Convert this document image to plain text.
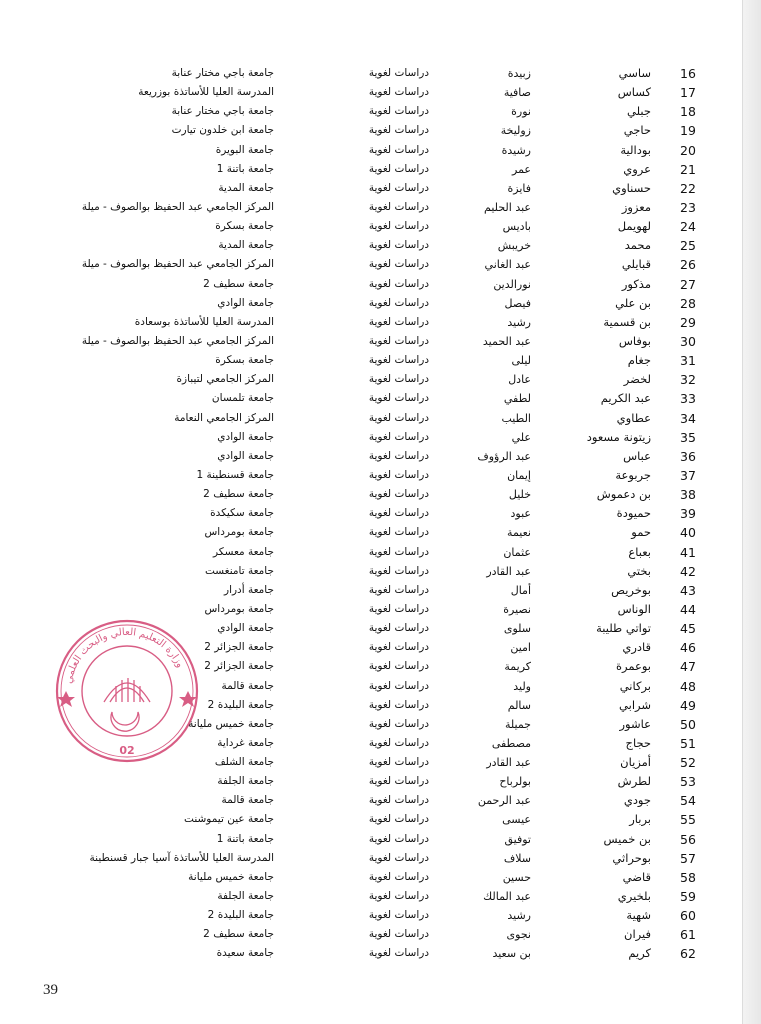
16
ساسي
زبيدة
دراسات لغوية
جامعة باجي مختار عنابة
17
كساس
صافية
دراسات لغوية
المدرسة العليا للأساتذة بوزريعة
18
جبلي
نورة
دراسات لغوية
جامعة باجي مختار عنابة
19
حاجي
زوليخة
دراسات لغوية
جامعة ابن خلدون تيارت
20
بودالية
رشيدة
دراسات لغوية
جامعة البويرة
21
عروي
عمر
دراسات لغوية
جامعة باتنة 1
22
حسناوي
فايزة
دراسات لغوية
جامعة المدية
23
معزوز
عبد الحليم
دراسات لغوية
المركز الجامعي عبد الحفيظ بوالصوف - ميلة
24
لهويمل
باديس
دراسات لغوية
جامعة بسكرة
25
محمد
خريبش
دراسات لغوية
جامعة المدية
26
قبايلي
عبد الغاني
دراسات لغوية
المركز الجامعي عبد الحفيظ بوالصوف - ميلة
27
مذكور
نورالدين
دراسات لغوية
جامعة سطيف 2
28
بن علي
فيصل
دراسات لغوية
جامعة الوادي
29
بن قسمية
رشيد
دراسات لغوية
المدرسة العليا للأساتذة بوسعادة
30
بوفاس
عبد الحميد
دراسات لغوية
المركز الجامعي عبد الحفيظ بوالصوف - ميلة
31
جغام
ليلى
دراسات لغوية
جامعة بسكرة
32
لخضر
عادل
دراسات لغوية
المركز الجامعي لتيبازة
33
عبد الكريم
لطفي
دراسات لغوية
جامعة تلمسان
34
عطاوي
الطيب
دراسات لغوية
المركز الجامعي النعامة
35
زيتونة مسعود
علي
دراسات لغوية
جامعة الوادي
36
عباس
عبد الرؤوف
دراسات لغوية
جامعة الوادي
37
جربوعة
إيمان
دراسات لغوية
جامعة قسنطينة 1
38
بن دعموش
خليل
دراسات لغوية
جامعة سطيف 2
39
حميودة
عبود
دراسات لغوية
جامعة سكيكدة
40
حمو
نعيمة
دراسات لغوية
جامعة بومرداس
41
بعباع
عثمان
دراسات لغوية
جامعة معسكر
42
بختي
عبد القادر
دراسات لغوية
جامعة تامنغست
43
بوخريص
أمال
دراسات لغوية
جامعة أدرار
44
الوناس
نصيرة
دراسات لغوية
جامعة بومرداس
45
تواتي طليبة
سلوى
دراسات لغوية
جامعة الوادي
46
قادري
امين
دراسات لغوية
جامعة الجزائر 2
47
بوعمرة
كريمة
دراسات لغوية
جامعة الجزائر 2
48
بركاني
وليد
دراسات لغوية
جامعة قالمة
49
شرابي
سالم
دراسات لغوية
جامعة البليدة 2
50
عاشور
جميلة
دراسات لغوية
جامعة خميس مليانة
51
حجاج
مصطفى
دراسات لغوية
جامعة غرداية
52
أمزيان
عبد القادر
دراسات لغوية
جامعة الشلف
53
لطرش
بولرباح
دراسات لغوية
جامعة الجلفة
54
جودي
عبد الرحمن
دراسات لغوية
جامعة قالمة
55
بربار
عيسى
دراسات لغوية
جامعة عين تيموشنت
56
بن خميس
توفيق
دراسات لغوية
جامعة باتنة 1
57
بوحراثي
سلاف
دراسات لغوية
المدرسة العليا للأساتذة آسيا جبار قسنطينة
58
قاضي
حسين
دراسات لغوية
جامعة خميس مليانة
59
بلخيري
عبد المالك
دراسات لغوية
جامعة الجلفة
60
شهية
رشيد
دراسات لغوية
جامعة البليدة 2
61
فيران
نجوى
دراسات لغوية
جامعة سطيف 2
62
كريم
بن سعيد
دراسات لغوية
جامعة سعيدة
وزارة التعليم العالي والبحث العلمي
02
39
